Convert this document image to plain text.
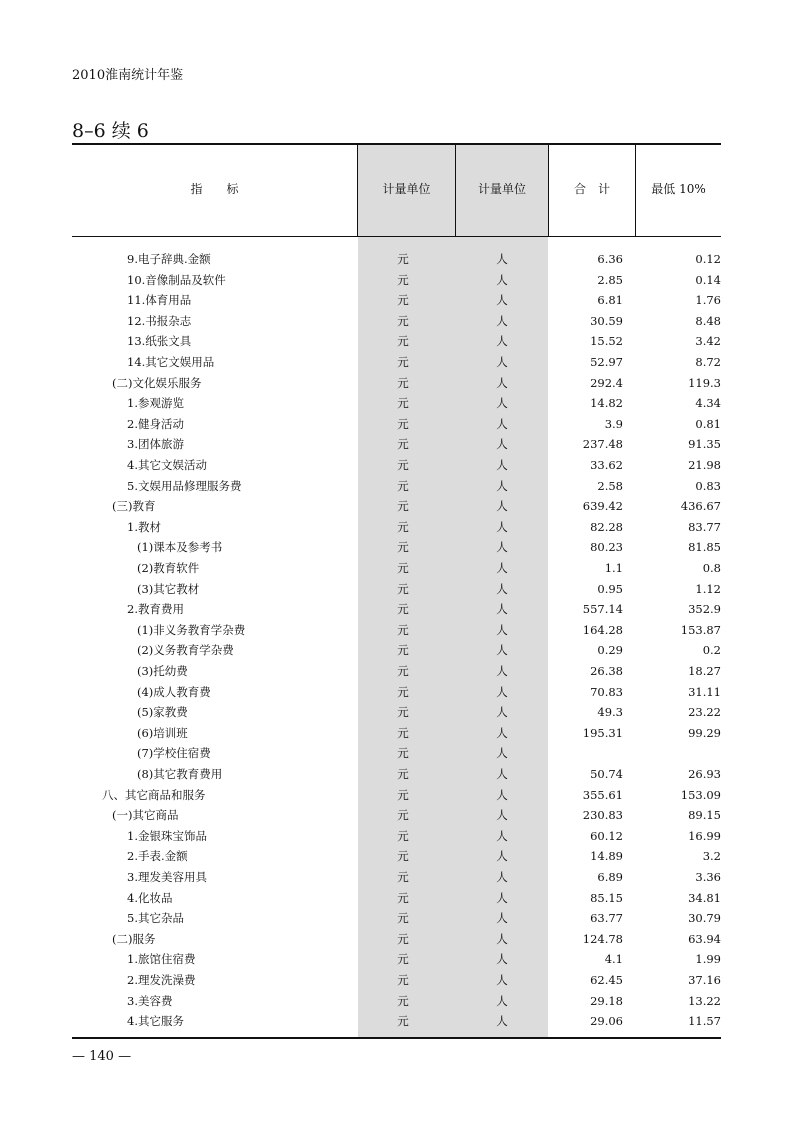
2010淮南统计年鉴
8–6 续 6
指　　标	计量单位	计量单位	合　计	最低 10%
9.电子辞典.金额	元	人	6.36	0.12
10.音像制品及软件	元	人	2.85	0.14
11.体育用品	元	人	6.81	1.76
12.书报杂志	元	人	30.59	8.48
13.纸张文具	元	人	15.52	3.42
14.其它文娱用品	元	人	52.97	8.72
(二)文化娱乐服务	元	人	292.4	119.3
1.参观游览	元	人	14.82	4.34
2.健身活动	元	人	3.9	0.81
3.团体旅游	元	人	237.48	91.35
4.其它文娱活动	元	人	33.62	21.98
5.文娱用品修理服务费	元	人	2.58	0.83
(三)教育	元	人	639.42	436.67
1.教材	元	人	82.28	83.77
(1)课本及参考书	元	人	80.23	81.85
(2)教育软件	元	人	1.1	0.8
(3)其它教材	元	人	0.95	1.12
2.教育费用	元	人	557.14	352.9
(1)非义务教育学杂费	元	人	164.28	153.87
(2)义务教育学杂费	元	人	0.29	0.2
(3)托幼费	元	人	26.38	18.27
(4)成人教育费	元	人	70.83	31.11
(5)家教费	元	人	49.3	23.22
(6)培训班	元	人	195.31	99.29
(7)学校住宿费	元	人
(8)其它教育费用	元	人	50.74	26.93
八、其它商品和服务	元	人	355.61	153.09
(一)其它商品	元	人	230.83	89.15
1.金银珠宝饰品	元	人	60.12	16.99
2.手表.金额	元	人	14.89	3.2
3.理发美容用具	元	人	6.89	3.36
4.化妆品	元	人	85.15	34.81
5.其它杂品	元	人	63.77	30.79
(二)服务	元	人	124.78	63.94
1.旅馆住宿费	元	人	4.1	1.99
2.理发洗澡费	元	人	62.45	37.16
3.美容费	元	人	29.18	13.22
4.其它服务	元	人	29.06	11.57
— 140 —
